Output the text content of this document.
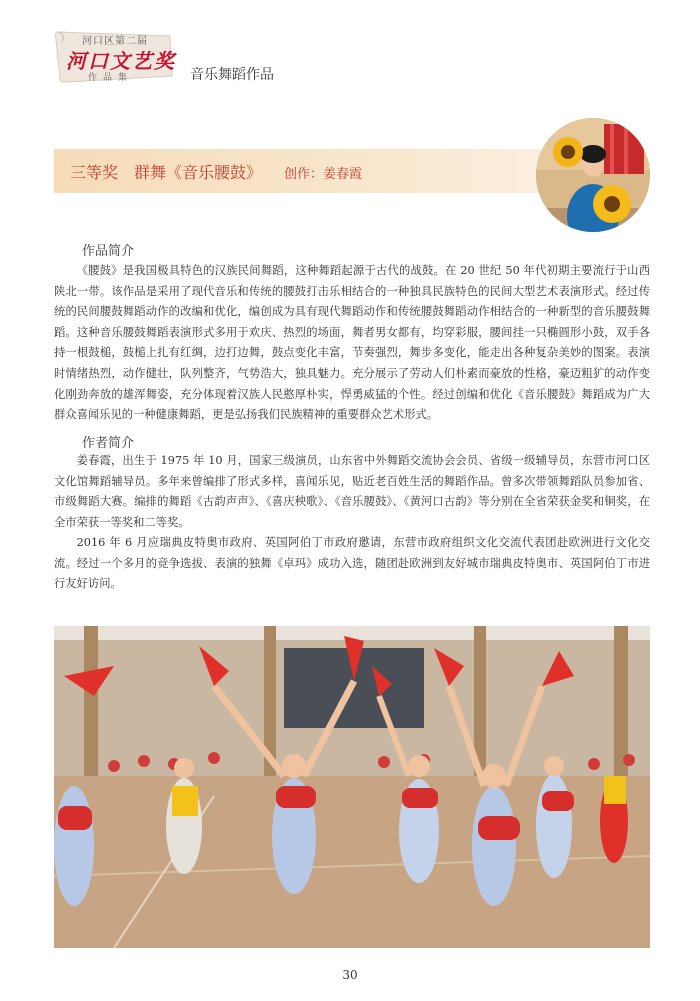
河口区第二届
河口文艺奖
作品集	音乐舞蹈作品
三等奖　群舞《音乐腰鼓》 创作：姜春霞
作品简介

《腰鼓》是我国极具特色的汉族民间舞蹈，这种舞蹈起源于古代的战鼓。在 20 世纪 50 年代初期主要流行于山西陕北一带。该作品是采用了现代音乐和传统的腰鼓打击乐相结合的一种独具民族特色的民间大型艺术表演形式。经过传统的民间腰鼓舞蹈动作的改编和优化，编创成为具有现代舞蹈动作和传统腰鼓舞蹈动作相结合的一种新型的音乐腰鼓舞蹈。这种音乐腰鼓舞蹈表演形式多用于欢庆、热烈的场面，舞者男女都有，均穿彩服，腰间挂一只椭圆形小鼓，双手各持一根鼓槌，鼓槌上扎有红绸，边打边舞，鼓点变化丰富，节奏强烈，舞步多变化，能走出各种复杂美妙的图案。表演时情绪热烈，动作健壮，队列整齐，气势浩大，独具魅力。充分展示了劳动人们朴素而豪放的性格，豪迈粗犷的动作变化刚劲奔放的雄浑舞姿，充分体现着汉族人民憨厚朴实，悍勇威猛的个性。经过创编和优化《音乐腰鼓》舞蹈成为广大群众喜闻乐见的一种健康舞蹈，更是弘扬我们民族精神的重要群众艺术形式。

作者简介

姜春霞，出生于 1975 年 10 月，国家三级演员，山东省中外舞蹈交流协会会员、省级一级辅导员，东营市河口区文化馆舞蹈辅导员。多年来曾编排了形式多样，喜闻乐见，贴近老百姓生活的舞蹈作品。曾多次带领舞蹈队员参加省、市级舞蹈大赛。编排的舞蹈《古韵声声》、《喜庆秧歌》、《音乐腰鼓》、《黄河口古韵》等分别在全省荣获金奖和铜奖，在全市荣获一等奖和二等奖。

2016 年 6 月应瑞典皮特奥市政府、英国阿伯丁市政府邀请，东营市政府组织文化交流代表团赴欧洲进行文化交流。经过一个多月的竞争选拔、表演的独舞《卓玛》成功入选，随团赴欧洲到友好城市瑞典皮特奥市、英国阿伯丁市进行友好访问。

30
